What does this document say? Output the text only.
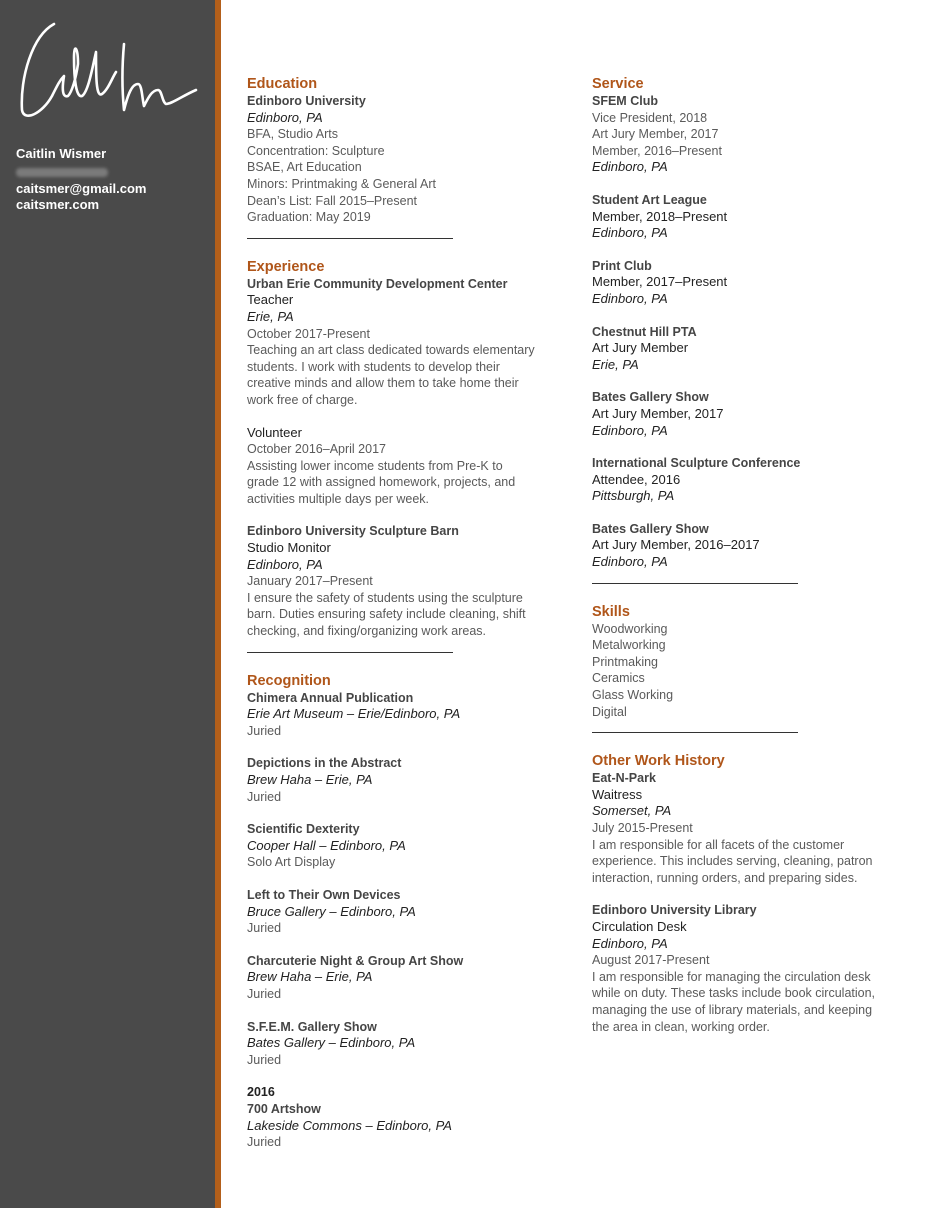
Caitlin Wismer
caitsmer@gmail.com
caitsmer.com
Education
Edinboro University
Edinboro, PA
BFA, Studio Arts
Concentration: Sculpture
BSAE, Art Education
Minors: Printmaking & General Art
Dean’s List: Fall 2015–Present
Graduation: May 2019
Experience
Urban Erie Community Development Center
Teacher
Erie, PA
October 2017-Present
Teaching an art class dedicated towards elementary
students. I work with students to develop their
creative minds and allow them to take home their
work free of charge.
Volunteer
October 2016–April 2017
Assisting lower income students from Pre-K to
grade 12 with assigned homework, projects, and
activities multiple days per week.
Edinboro University Sculpture Barn
Studio Monitor
Edinboro, PA
January 2017–Present
I ensure the safety of students using the sculpture
barn. Duties ensuring safety include cleaning, shift
checking, and fixing/organizing work areas.
Recognition
Chimera Annual Publication
Erie Art Museum – Erie/Edinboro, PA
Juried
Depictions in the Abstract
Brew Haha – Erie, PA
Juried
Scientific Dexterity
Cooper Hall – Edinboro, PA
Solo Art Display
Left to Their Own Devices
Bruce Gallery – Edinboro, PA
Juried
Charcuterie Night & Group Art Show
Brew Haha – Erie, PA
Juried
S.F.E.M. Gallery Show
Bates Gallery – Edinboro, PA
Juried
2016
700 Artshow
Lakeside Commons – Edinboro, PA
Juried
Service
SFEM Club
Vice President, 2018
Art Jury Member, 2017
Member, 2016–Present
Edinboro, PA
Student Art League
Member, 2018–Present
Edinboro, PA
Print Club
Member, 2017–Present
Edinboro, PA
Chestnut Hill PTA
Art Jury Member
Erie, PA
Bates Gallery Show
Art Jury Member, 2017
Edinboro, PA
International Sculpture Conference
Attendee, 2016
Pittsburgh, PA
Bates Gallery Show
Art Jury Member, 2016–2017
Edinboro, PA
Skills
Woodworking
Metalworking
Printmaking
Ceramics
Glass Working
Digital
Other Work History
Eat-N-Park
Waitress
Somerset, PA
July 2015-Present
I am responsible for all facets of the customer
experience. This includes serving, cleaning, patron
interaction, running orders, and preparing sides.
Edinboro University Library
Circulation Desk
Edinboro, PA
August 2017-Present
I am responsible for managing the circulation desk
while on duty. These tasks include book circulation,
managing the use of library materials, and keeping
the area in clean, working order.
